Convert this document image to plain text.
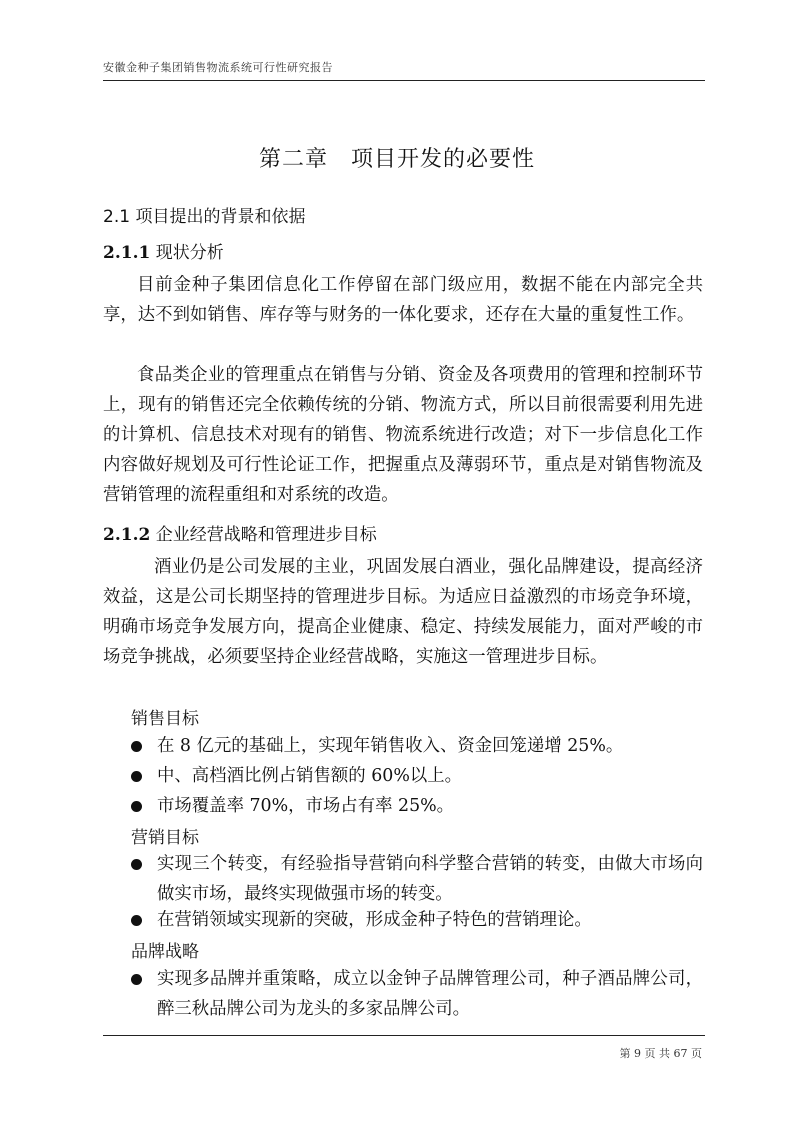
安徽金种子集团销售物流系统可行性研究报告
第二章　项目开发的必要性
2.1 项目提出的背景和依据
2.1.1 现状分析

目前金种子集团信息化工作停留在部门级应用，数据不能在内部完全共享，达不到如销售、库存等与财务的一体化要求，还存在大量的重复性工作。

食品类企业的管理重点在销售与分销、资金及各项费用的管理和控制环节上，现有的销售还完全依赖传统的分销、物流方式，所以目前很需要利用先进的计算机、信息技术对现有的销售、物流系统进行改造；对下一步信息化工作内容做好规划及可行性论证工作，把握重点及薄弱环节，重点是对销售物流及营销管理的流程重组和对系统的改造。

2.1.2 企业经营战略和管理进步目标

酒业仍是公司发展的主业，巩固发展白酒业，强化品牌建设，提高经济效益，这是公司长期坚持的管理进步目标。为适应日益激烈的市场竞争环境，明确市场竞争发展方向，提高企业健康、稳定、持续发展能力，面对严峻的市场竞争挑战，必须要坚持企业经营战略，实施这一管理进步目标。

销售目标
在 8 亿元的基础上，实现年销售收入、资金回笼递增 25%。
中、高档酒比例占销售额的 60%以上。
市场覆盖率 70%，市场占有率 25%。
营销目标
实现三个转变，有经验指导营销向科学整合营销的转变，由做大市场向做实市场，最终实现做强市场的转变。
在营销领域实现新的突破，形成金种子特色的营销理论。
品牌战略
实现多品牌并重策略，成立以金钟子品牌管理公司，种子酒品牌公司，醉三秋品牌公司为龙头的多家品牌公司。
第 9 页 共 67 页
